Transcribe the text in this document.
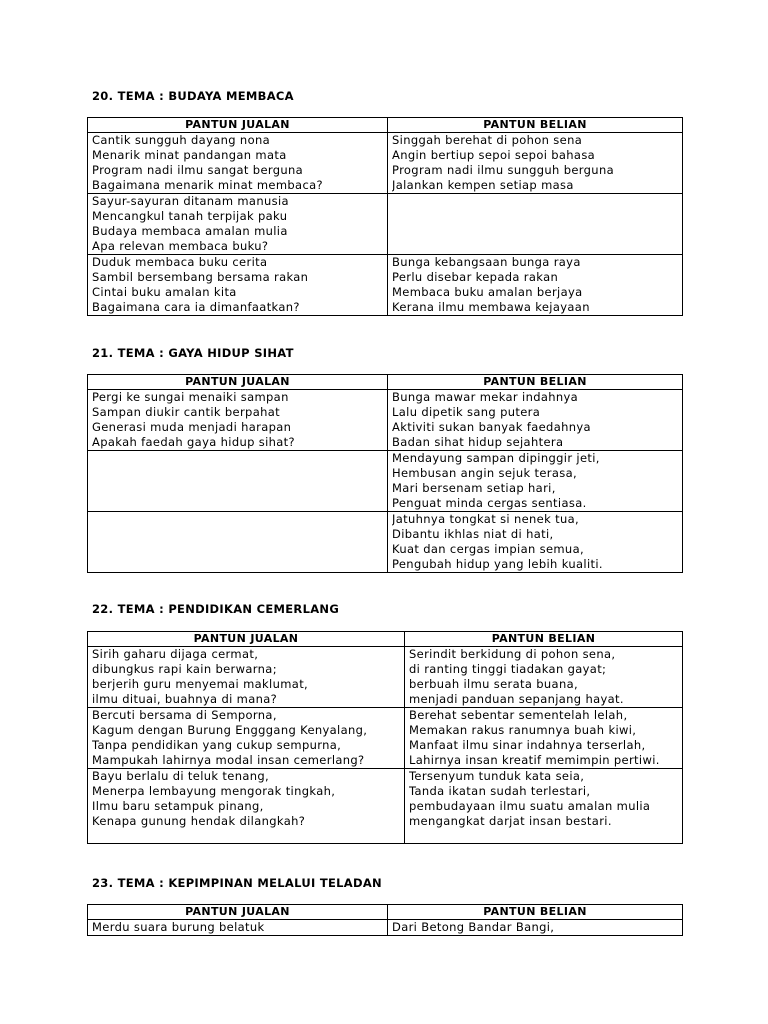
20. TEMA : BUDAYA MEMBACA
PANTUN JUALAN	PANTUN BELIAN

Cantik sungguh dayang nona
Menarik minat pandangan mata
Program nadi ilmu sangat berguna
Bagaimana menarik minat membaca?	Singgah berehat di pohon sena
Angin bertiup sepoi sepoi bahasa
Program nadi ilmu sungguh berguna
Jalankan kempen setiap masa

Sayur-sayuran ditanam manusia
Mencangkul tanah terpijak paku
Budaya membaca amalan mulia
Apa relevan membaca buku?	

Duduk membaca buku cerita
Sambil bersembang bersama rakan
Cintai buku amalan kita
Bagaimana cara ia dimanfaatkan?	Bunga kebangsaan bunga raya
Perlu disebar kepada rakan
Membaca buku amalan berjaya
Kerana ilmu membawa kejayaan
21. TEMA : GAYA HIDUP SIHAT
PANTUN JUALAN	PANTUN BELIAN

Pergi ke sungai menaiki sampan
Sampan diukir cantik berpahat
Generasi muda menjadi harapan
Apakah faedah gaya hidup sihat?	Bunga mawar mekar indahnya
Lalu dipetik sang putera
Aktiviti sukan banyak faedahnya
Badan sihat hidup sejahtera

	Mendayung sampan dipinggir jeti,
Hembusan angin sejuk terasa,
Mari bersenam setiap hari,
Penguat minda cergas sentiasa.

	Jatuhnya tongkat si nenek tua,
Dibantu ikhlas niat di hati,
Kuat dan cergas impian semua,
Pengubah hidup yang lebih kualiti.
22. TEMA : PENDIDIKAN CEMERLANG
PANTUN JUALAN	PANTUN BELIAN

Sirih gaharu dijaga cermat,
dibungkus rapi kain berwarna;
berjerih guru menyemai maklumat,
ilmu dituai, buahnya di mana?	Serindit berkidung di pohon sena,
di ranting tinggi tiadakan gayat;
berbuah ilmu serata buana,
menjadi panduan sepanjang hayat.

Bercuti bersama di Semporna,
Kagum dengan Burung Engggang Kenyalang,
Tanpa pendidikan yang cukup sempurna,
Mampukah lahirnya modal insan cemerlang?	Berehat sebentar sementelah lelah,
Memakan rakus ranumnya buah kiwi,
Manfaat ilmu sinar indahnya terserlah,
Lahirnya insan kreatif memimpin pertiwi.

Bayu berlalu di teluk tenang,
Menerpa lembayung mengorak tingkah,
Ilmu baru setampuk pinang,
Kenapa gunung hendak dilangkah?	Tersenyum tunduk kata seia,
Tanda ikatan sudah terlestari,
pembudayaan ilmu suatu amalan mulia
mengangkat darjat insan bestari.
23. TEMA : KEPIMPINAN MELALUI TELADAN
PANTUN JUALAN	PANTUN BELIAN

Merdu suara burung belatuk	Dari Betong Bandar Bangi,
